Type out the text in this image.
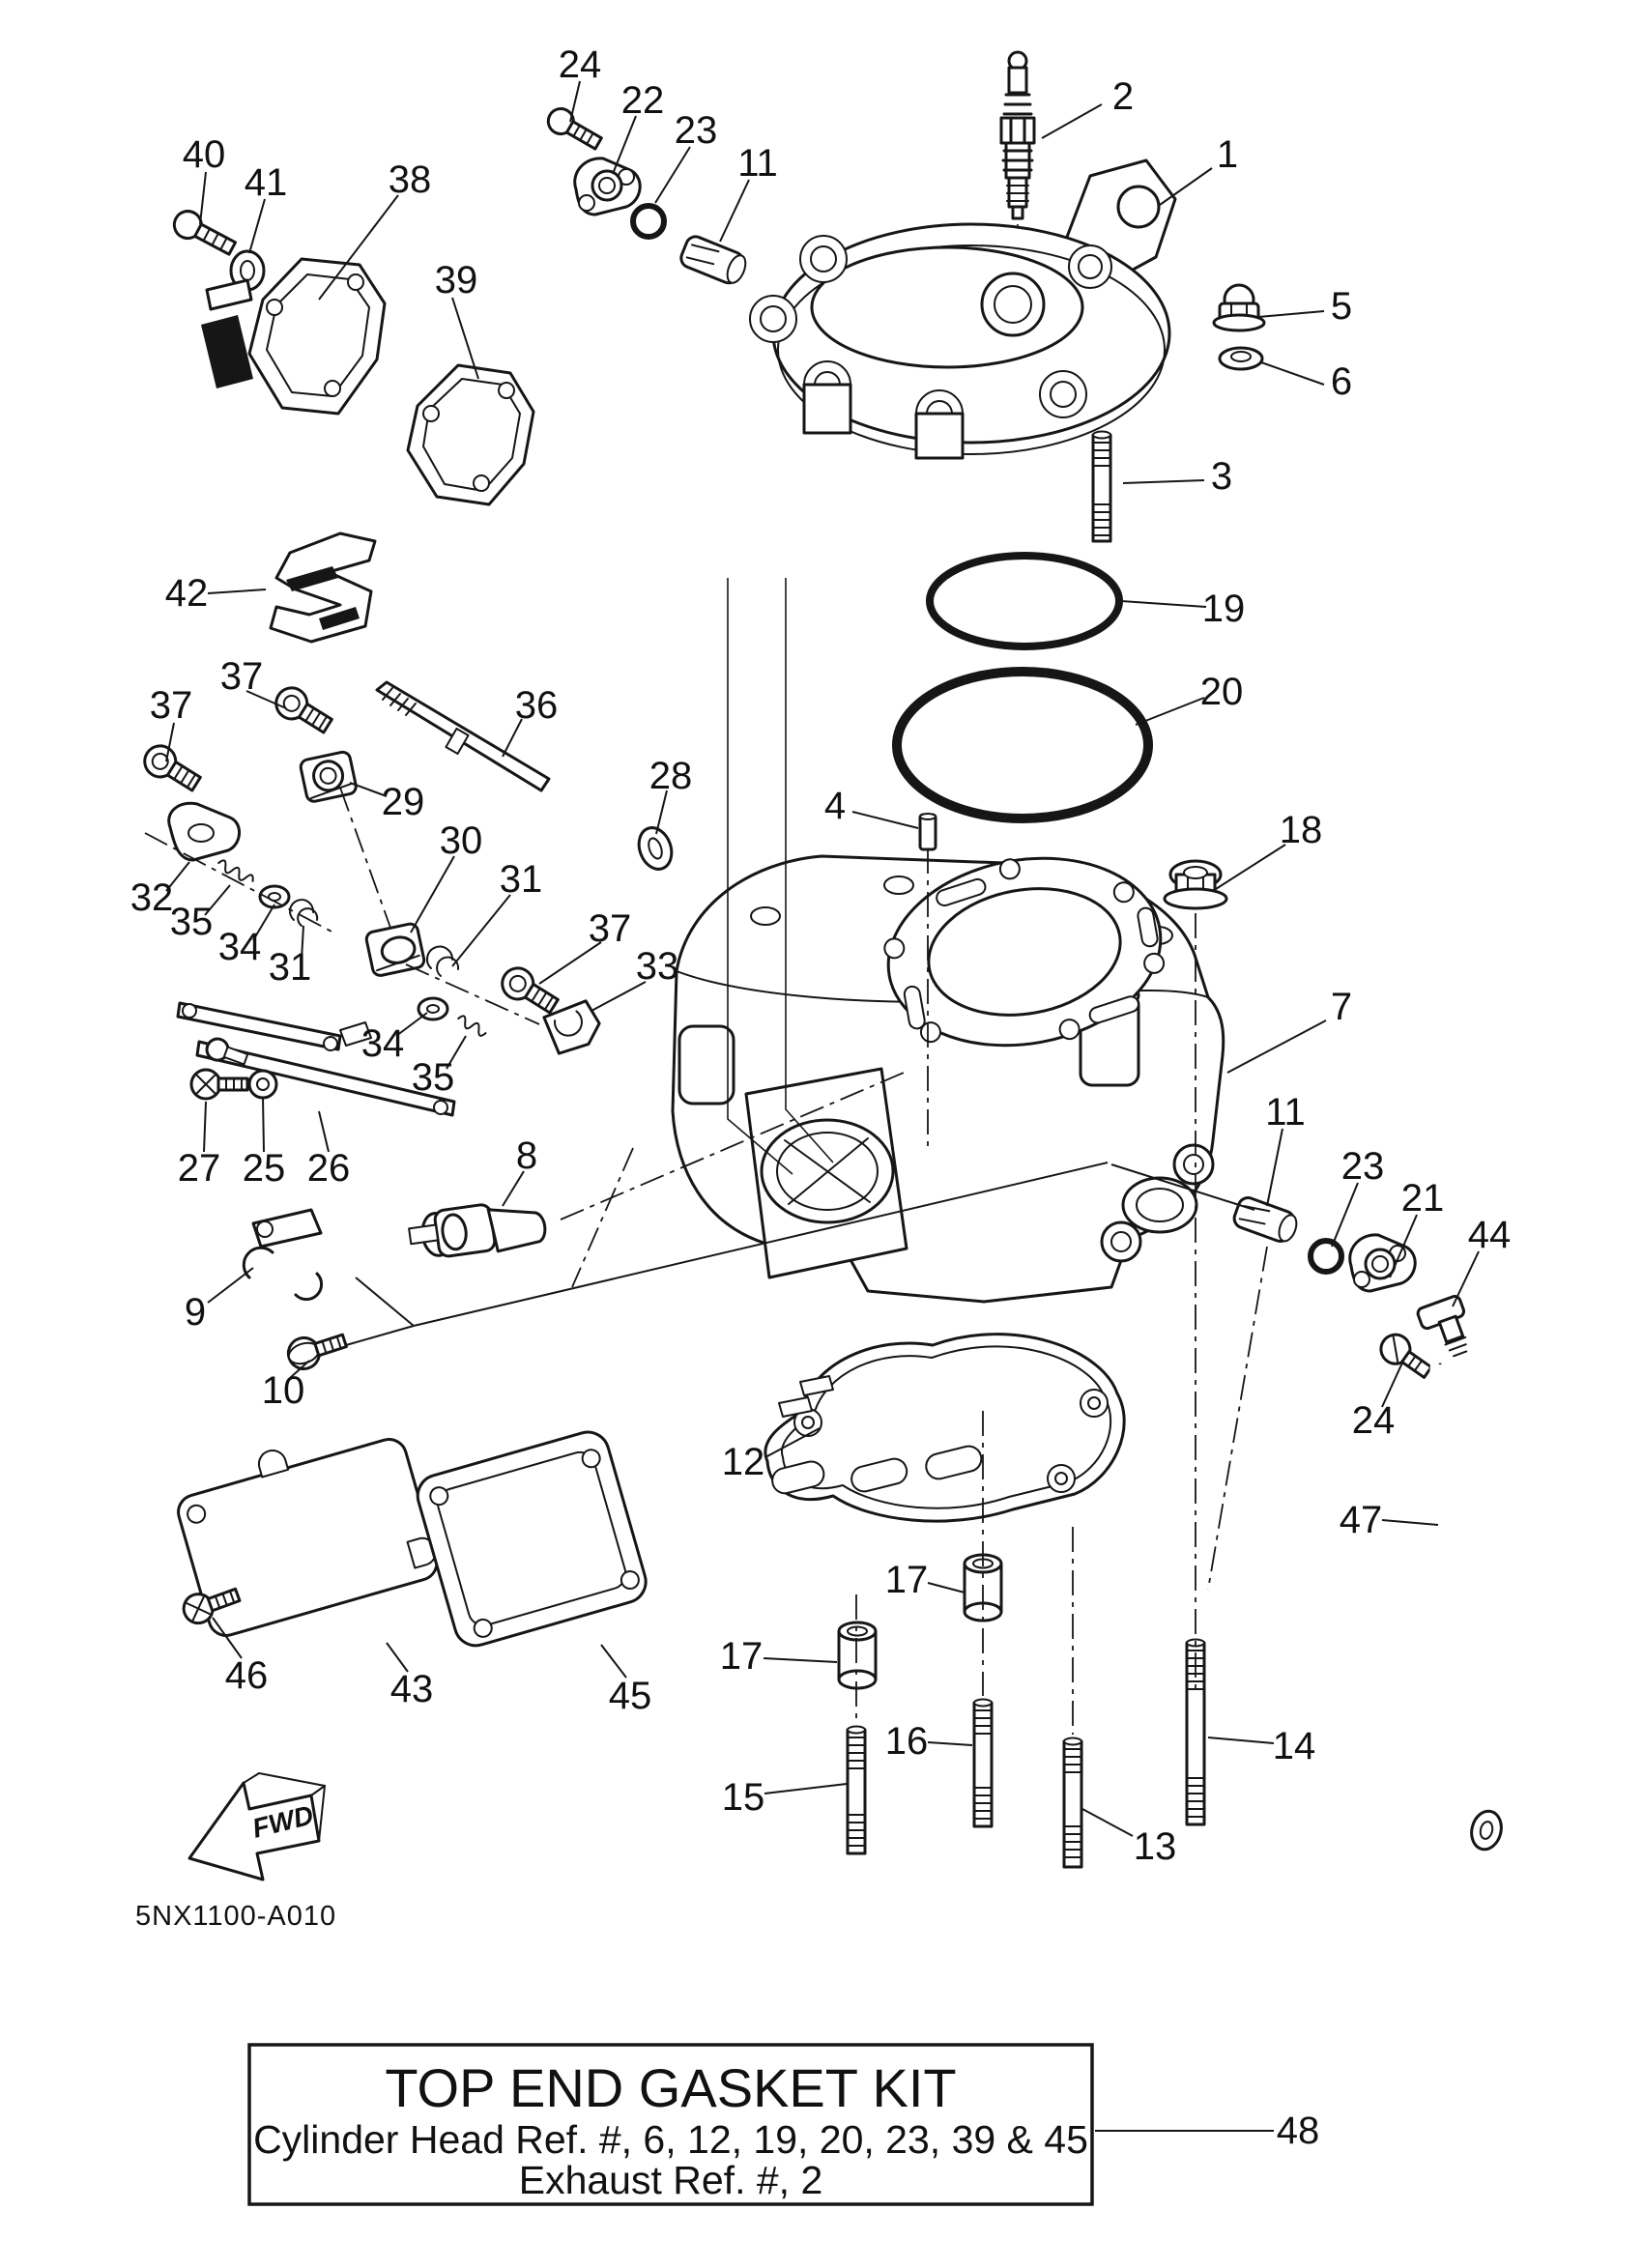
FWD
5NX1100-A010
TOP END GASKET KIT
Cylinder Head Ref. #, 6, 12, 19, 20, 23, 39 & 45
Exhaust Ref. #, 2
24
22
23
11
2
1
40
41	38
39
5
6
3
42	19
20
37
37
36
29
28
4
18
30
31
32
35
34 31
37
33
34
35
7
11
27 25 26	8
9
10
23
21
44
24
47
12
17
17
16
15
14
13
43	45
46
48
